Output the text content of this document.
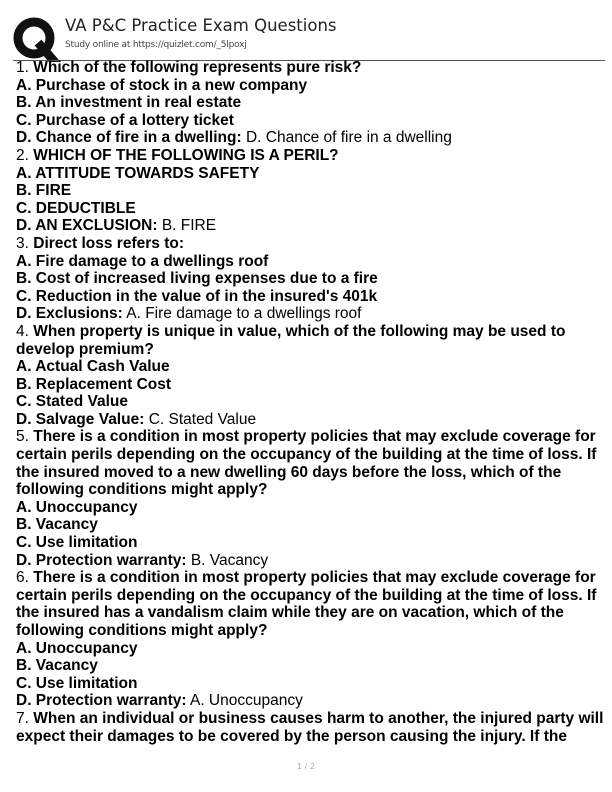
VA P&C Practice Exam Questions
Study online at https://quizlet.com/_5lpoxj

1. Which of the following represents pure risk?

A. Purchase of stock in a new company

B. An investment in real estate

C. Purchase of a lottery ticket

D. Chance of fire in a dwelling: D. Chance of fire in a dwelling

2. WHICH OF THE FOLLOWING IS A PERIL?

A. ATTITUDE TOWARDS SAFETY

B. FIRE

C. DEDUCTIBLE

D. AN EXCLUSION: B. FIRE

3. Direct loss refers to:

A. Fire damage to a dwellings roof

B. Cost of increased living expenses due to a fire

C. Reduction in the value of in the insured's 401k

D. Exclusions: A. Fire damage to a dwellings roof

4. When property is unique in value, which of the following may be used to develop premium?

A. Actual Cash Value

B. Replacement Cost

C. Stated Value

D. Salvage Value: C. Stated Value

5. There is a condition in most property policies that may exclude coverage for certain perils depending on the occupancy of the building at the time of loss. If the insured moved to a new dwelling 60 days before the loss, which of the following conditions might apply?

A. Unoccupancy

B. Vacancy

C. Use limitation

D. Protection warranty: B. Vacancy

6. There is a condition in most property policies that may exclude coverage for certain perils depending on the occupancy of the building at the time of loss. If the insured has a vandalism claim while they are on vacation, which of the following conditions might apply?

A. Unoccupancy

B. Vacancy

C. Use limitation

D. Protection warranty: A. Unoccupancy

7. When an individual or business causes harm to another, the injured party will expect their damages to be covered by the person causing the injury. If the

1 / 2
